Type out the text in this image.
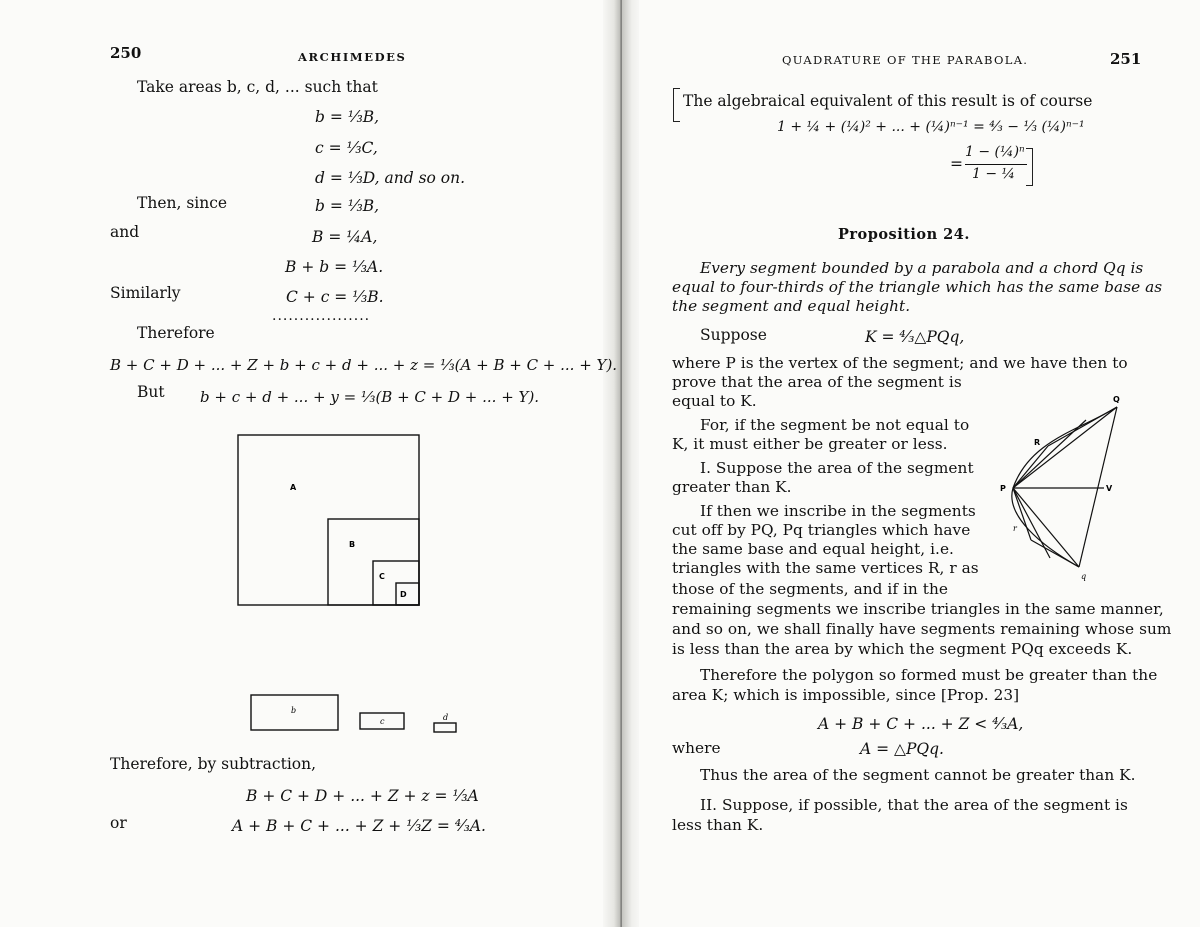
250	ARCHIMEDES
Take areas b, c, d, ... such that
b = ⅓B,
c = ⅓C,
d = ⅓D, and so on.
Then, since	b = ⅓B,
and	B = ¼A,
B + b = ⅓A.
Similarly	C + c = ⅓B.
..................
Therefore
B + C + D + ... + Z + b + c + d + ... + z = ⅓(A + B + C + ... + Y).
But b + c + d + ... + y = ⅓(B + C + D + ... + Y).
A
B
C
D
b
c	d
Therefore, by subtraction,
B + C + D + ... + Z + z = ⅓A
or	A + B + C + ... + Z + ⅓Z = ⁴⁄₃A.
QUADRATURE OF THE PARABOLA.	251
The algebraical equivalent of this result is of course
1 + ¼ + (¼)² + ... + (¼)ⁿ⁻¹ = ⁴⁄₃ − ⅓ (¼)ⁿ⁻¹
=
1 − (¼)ⁿ
1 − ¼
Proposition 24.
Every segment bounded by a parabola and a chord Qq is
equal to four-thirds of the triangle which has the same base as
the segment and equal height.
Suppose	K = ⁴⁄₃△PQq,
where P is the vertex of the segment; and we have then to
prove that the area of the segment is
equal to K.
For, if the segment be not equal to
K, it must either be greater or less.
I. Suppose the area of the segment
greater than K.
If then we inscribe in the segments
cut off by PQ, Pq triangles which have
the same base and equal height, i.e.
triangles with the same vertices R, r as
those of the segments, and if in the
remaining segments we inscribe triangles in the same manner,
and so on, we shall finally have segments remaining whose sum
is less than the area by which the segment PQq exceeds K.
Therefore the polygon so formed must be greater than the
area K; which is impossible, since [Prop. 23]
A + B + C + ... + Z < ⁴⁄₃A,
where	A = △PQq.
Thus the area of the segment cannot be greater than K.
II. Suppose, if possible, that the area of the segment is
less than K.
Q
R
P	V
r
q
